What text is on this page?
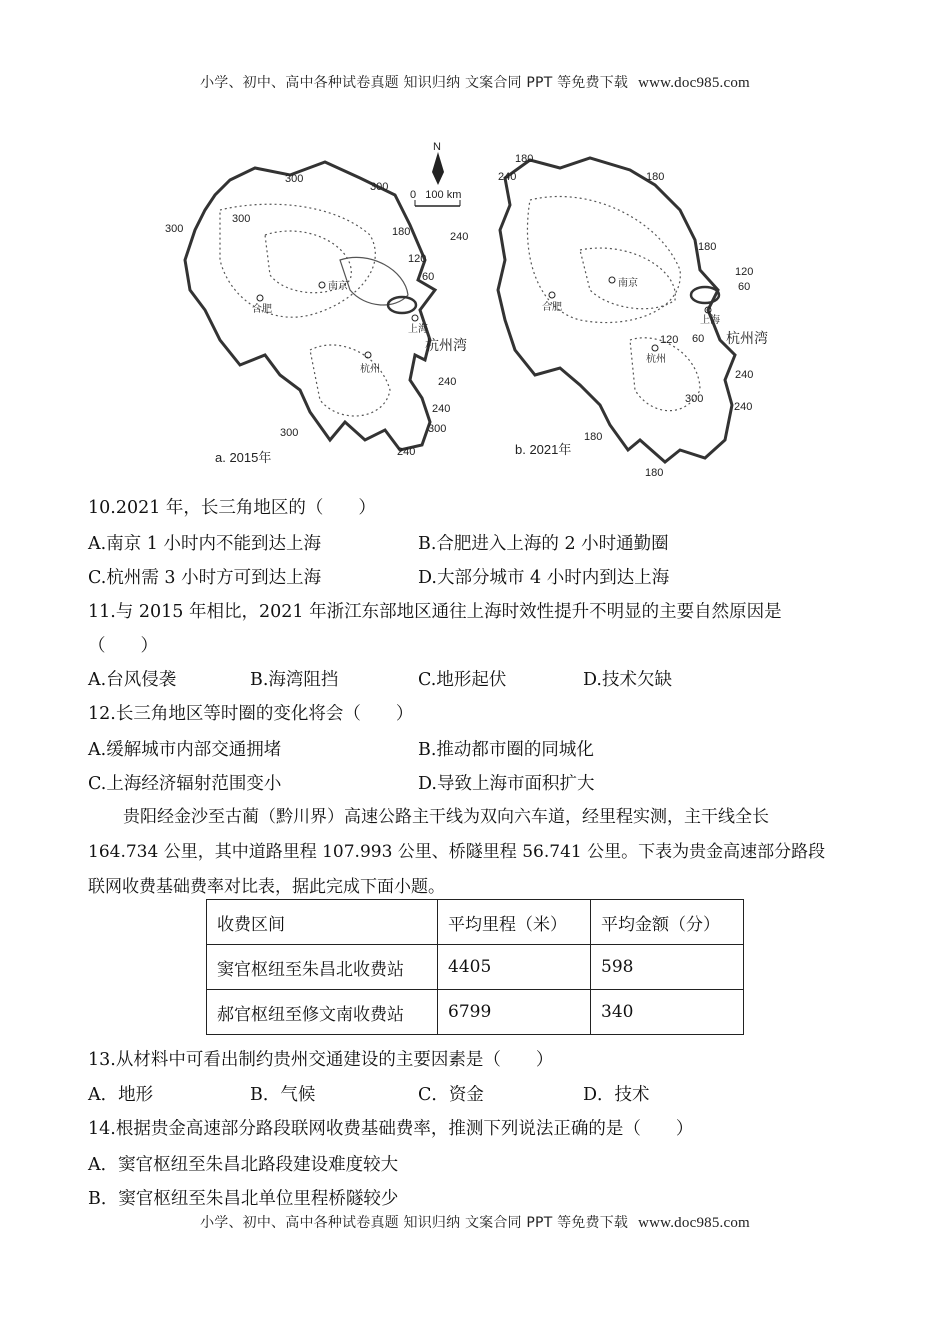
小学、初中、高中各种试卷真题 知识归纳 文案合同 PPT 等免费下载 www.doc985.com
合肥
南京
上海
杭州
杭州湾
300
300
300
300	180
120
60
240
240
300
300
240
a. 2015年
N
0   100 km
合肥
南京
上海
杭州
杭州湾
180
180
240
240
180
120
60
120 60
240
300
240
180
180
b. 2021年
10.2021 年，长三角地区的（　　）
A.南京 1 小时内不能到达上海	B.合肥进入上海的 2 小时通勤圈
C.杭州需 3 小时方可到达上海	D.大部分城市 4 小时内到达上海
11.与 2015 年相比，2021 年浙江东部地区通往上海时效性提升不明显的主要自然原因是
（　　）
A.台风侵袭	B.海湾阻挡	C.地形起伏	D.技术欠缺
12.长三角地区等时圈的变化将会（　　）
A.缓解城市内部交通拥堵	B.推动都市圈的同城化
C.上海经济辐射范围变小	D.导致上海市面积扩大

贵阳经金沙至古蔺（黔川界）高速公路主干线为双向六车道，经里程实测，主干线全长

164.734 公里，其中道路里程 107.993 公里、桥隧里程 56.741 公里。下表为贵金高速部分路段

联网收费基础费率对比表，据此完成下面小题。

收费区间	平均里程（米）	平均金额（分）
窦官枢纽至朱昌北收费站	4405	598
郝官枢纽至修文南收费站	6799	340
13.从材料中可看出制约贵州交通建设的主要因素是（　　）
A．地形	B．气候	C．资金	D．技术
14.根据贵金高速部分路段联网收费基础费率，推测下列说法正确的是（　　）
A．窦官枢纽至朱昌北路段建设难度较大
B．窦官枢纽至朱昌北单位里程桥隧较少
小学、初中、高中各种试卷真题 知识归纳 文案合同 PPT 等免费下载 www.doc985.com
